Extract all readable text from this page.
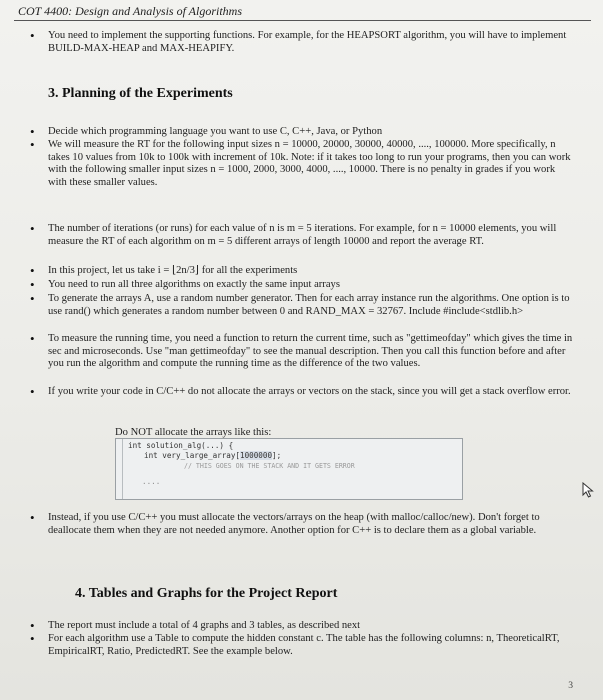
COT 4400: Design and Analysis of Algorithms
• You need to implement the supporting functions. For example, for the HEAPSORT algorithm, you will have to implement BUILD-MAX-HEAP and MAX-HEAPIFY.
3. Planning of the Experiments
• Decide which programming language you want to use C, C++, Java, or Python
• We will measure the RT for the following input sizes n = 10000, 20000, 30000, 40000, ...., 100000. More specifically, n takes 10 values from 10k to 100k with increment of 10k. Note: if it takes too long to run your programs, then you can work with the following smaller input sizes n = 1000, 2000, 3000, 4000, ...., 10000. There is no penalty in grades if you work with these smaller values.
• The number of iterations (or runs) for each value of n is m = 5 iterations. For example, for n = 10000 elements, you will measure the RT of each algorithm on m = 5 different arrays of length 10000 and report the average RT.
• In this project, let us take i = ⌊2n/3⌋ for all the experiments
• You need to run all three algorithms on exactly the same input arrays
• To generate the arrays A, use a random number generator. Then for each array instance run the algorithms. One option is to use rand() which generates a random number between 0 and RAND_MAX = 32767. Include #include<stdlib.h>
• To measure the running time, you need a function to return the current time, such as "gettimeofday" which gives the time in sec and microseconds. Use "man gettimeofday" to see the manual description. Then you call this function before and after you run the algorithm and compute the running time as the difference of the two values.
• If you write your code in C/C++ do not allocate the arrays or vectors on the stack, since you will get a stack overflow error.
Do NOT allocate the arrays like this:
int solution_alg(...) {
int very_large_array[1000000];
// THIS GOES ON THE STACK AND IT GETS ERROR
....
• Instead, if you use C/C++ you must allocate the vectors/arrays on the heap (with malloc/calloc/new). Don't forget to deallocate them when they are not needed anymore. Another option for C++ is to declare them as a global variable.
4. Tables and Graphs for the Project Report
• The report must include a total of 4 graphs and 3 tables, as described next
• For each algorithm use a Table to compute the hidden constant c. The table has the following columns: n, TheoreticalRT, EmpiricalRT, Ratio, PredictedRT. See the example below.
3
